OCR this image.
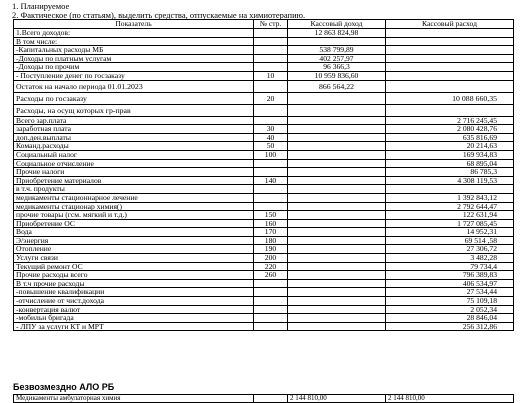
1. Планируемое
2. Фактическое (по статьям), выделить средства, отпускаемые на химиотерапию.
Показатель	№ стр.	Кассовый доход	Кассовый расход
1.Всего доходов:		12 863 824,98	
В том числе:			
-Капитальных расходы МБ		538 799,89	
-Доходы по платным услугам		402 257,97	
-Доходы по прочим		96 366,3	
- Поступление денег по госзаказу	10	10 959 836,60	
Остаток на начало периода 01.01.2023		866 564,22	
Расходы по госзаказу	20		10 088 660,35
Расходы, на осущ которых гр-прав			
Всего зар.плата			2 716 245,45
заработная плата	30		2 080 428,76
доп.ден.выплаты	40		635 816,69
Команд.расходы	50		20 214,63
Социальный налог	100		169 934,83
Социальное отчисление			68 895,04
Прочие налоги			86 785,3
Приобретение материалов	140		4 308 119,53
в т.ч. продукты			
медикаменты стационнарное лечение			1 392 843,12
медикаменты стационар химия()			2 792 644,47
прочие товары (гсм. мягкий и т.д.)	150		122 631,94
Приобретение ОС	160		1 727 085,45
Вода	170		14 952,31
Э/энергия	180		69 514 ,58
Отопление	190		27 306,72
Услуги связи	200		3 482,28
Текущий ремонт ОС	220		79 734,4
Прочие расходы всего	260		796 389,83
В т.ч прочие расходы			406 534,97
-повышение квалификации			27 534,44
-отчисление от чист.дохода			75 109,18
-конвертация валют			2 052,34
-мобильн бригада			28 846,04
- ЛПУ за услуги КТ и МРТ			256 312,86
Безвозмездно АЛО РБ
Медикаменты амбулаторная химия		2 144 810,00	2 144 810,00
